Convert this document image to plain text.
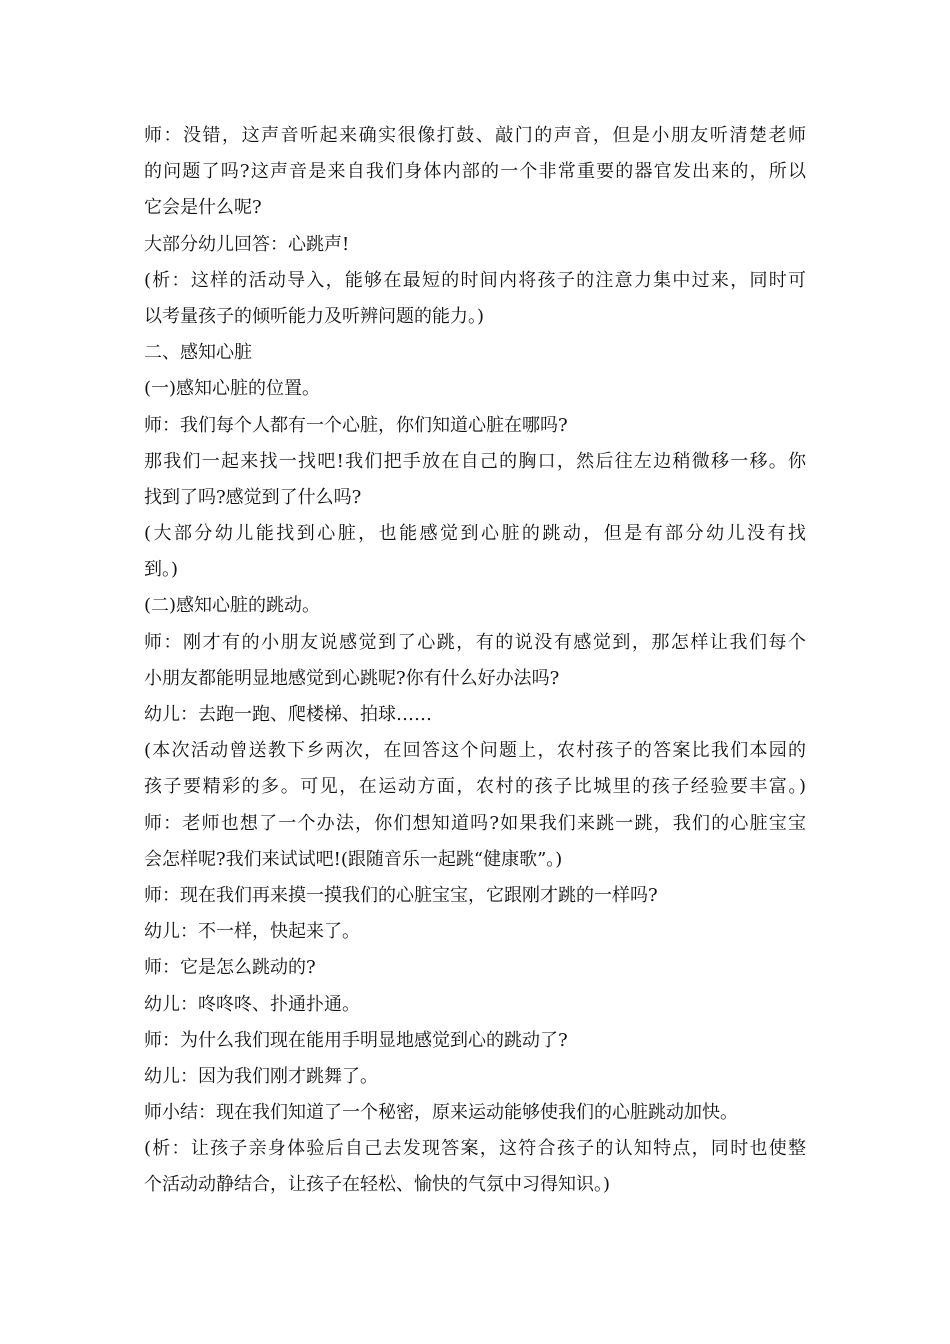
师：没错，这声音听起来确实很像打鼓、敲门的声音，但是小朋友听清楚老师
的问题了吗?这声音是来自我们身体内部的一个非常重要的器官发出来的，所以
它会是什么呢?
大部分幼儿回答：心跳声!
(析：这样的活动导入，能够在最短的时间内将孩子的注意力集中过来，同时可
以考量孩子的倾听能力及听辨问题的能力。)
二、感知心脏
(一)感知心脏的位置。
师：我们每个人都有一个心脏，你们知道心脏在哪吗?
那我们一起来找一找吧!我们把手放在自己的胸口，然后往左边稍微移一移。你
找到了吗?感觉到了什么吗?
(大部分幼儿能找到心脏，也能感觉到心脏的跳动，但是有部分幼儿没有找
到。)
(二)感知心脏的跳动。
师：刚才有的小朋友说感觉到了心跳，有的说没有感觉到，那怎样让我们每个
小朋友都能明显地感觉到心跳呢?你有什么好办法吗?
幼儿：去跑一跑、爬楼梯、拍球……
(本次活动曾送教下乡两次，在回答这个问题上，农村孩子的答案比我们本园的
孩子要精彩的多。可见，在运动方面，农村的孩子比城里的孩子经验要丰富。)
师：老师也想了一个办法，你们想知道吗?如果我们来跳一跳，我们的心脏宝宝
会怎样呢?我们来试试吧!(跟随音乐一起跳“健康歌”。)
师：现在我们再来摸一摸我们的心脏宝宝，它跟刚才跳的一样吗?
幼儿：不一样，快起来了。
师：它是怎么跳动的?
幼儿：咚咚咚、扑通扑通。
师：为什么我们现在能用手明显地感觉到心的跳动了?
幼儿：因为我们刚才跳舞了。
师小结：现在我们知道了一个秘密，原来运动能够使我们的心脏跳动加快。
(析：让孩子亲身体验后自己去发现答案，这符合孩子的认知特点，同时也使整
个活动动静结合，让孩子在轻松、愉快的气氛中习得知识。)
